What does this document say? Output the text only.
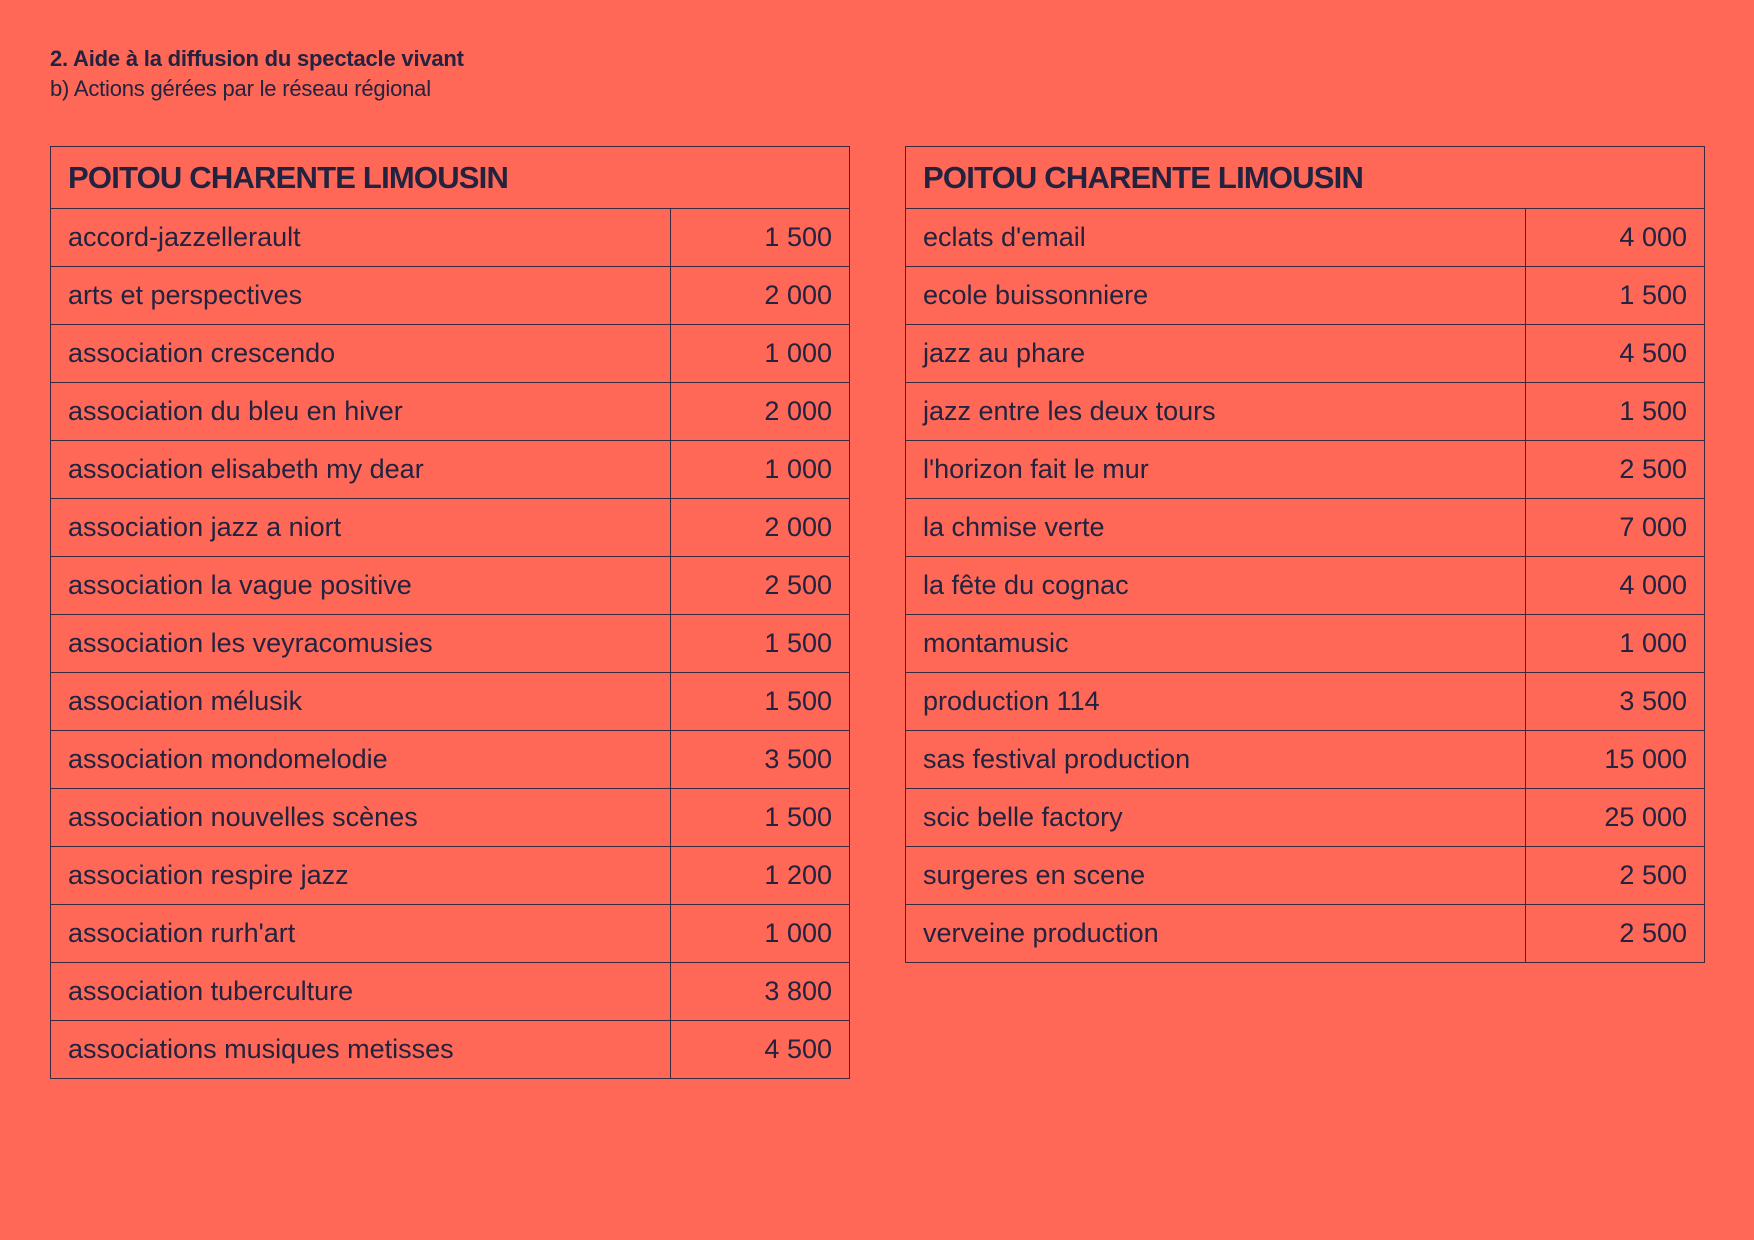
2. Aide à la diffusion du spectacle vivant
b) Actions gérées par le réseau régional
POITOU CHARENTE LIMOUSIN	
accord-jazzellerault	1 500
arts et perspectives	2 000
association crescendo	1 000
association du bleu en hiver	2 000
association elisabeth my dear	1 000
association jazz a niort	2 000
association la vague positive	2 500
association les veyracomusies	1 500
association mélusik	1 500
association mondomelodie	3 500
association nouvelles scènes	1 500
association respire jazz	1 200
association rurh'art	1 000
association tuberculture	3 800
associations musiques metisses	4 500
POITOU CHARENTE LIMOUSIN	
eclats d'email	4 000
ecole buissonniere	1 500
jazz au phare	4 500
jazz entre les deux tours	1 500
l'horizon fait le mur	2 500
la chmise verte	7 000
la fête du cognac	4 000
montamusic	1 000
production 114	3 500
sas festival production	15 000
scic belle factory	25 000
surgeres en scene	2 500
verveine production	2 500
